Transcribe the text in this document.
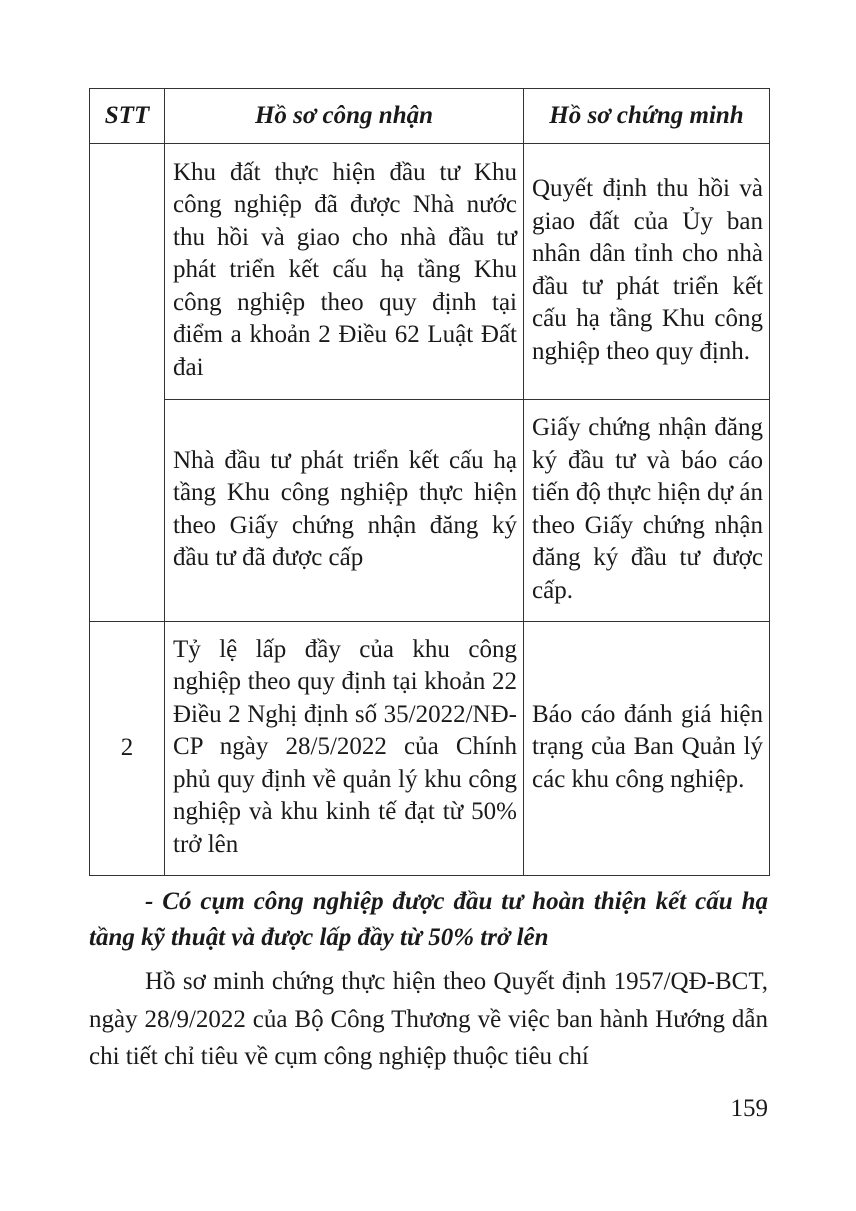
STT	Hồ sơ công nhận	Hồ sơ chứng minh
	Khu đất thực hiện đầu tư Khu công nghiệp đã được Nhà nước thu hồi và giao cho nhà đầu tư phát triển kết cấu hạ tầng Khu công nghiệp theo quy định tại điểm a khoản 2 Điều 62 Luật Đất đai	Quyết định thu hồi và giao đất của Ủy ban nhân dân tỉnh cho nhà đầu tư phát triển kết cấu hạ tầng Khu công nghiệp theo quy định.
	Nhà đầu tư phát triển kết cấu hạ tầng Khu công nghiệp thực hiện theo Giấy chứng nhận đăng ký đầu tư đã được cấp	Giấy chứng nhận đăng ký đầu tư và báo cáo tiến độ thực hiện dự án theo Giấy chứng nhận đăng ký đầu tư được cấp.
2	Tỷ lệ lấp đầy của khu công nghiệp theo quy định tại khoản 22 Điều 2 Nghị định số 35/2022/NĐ-CP ngày 28/5/2022 của Chính phủ quy định về quản lý khu công nghiệp và khu kinh tế đạt từ 50% trở lên	Báo cáo đánh giá hiện trạng của Ban Quản lý các khu công nghiệp.
- Có cụm công nghiệp được đầu tư hoàn thiện kết cấu hạ tầng kỹ thuật và được lấp đầy từ 50% trở lên
Hồ sơ minh chứng thực hiện theo Quyết định 1957/QĐ-BCT, ngày 28/9/2022 của Bộ Công Thương về việc ban hành Hướng dẫn chi tiết chỉ tiêu về cụm công nghiệp thuộc tiêu chí
159
